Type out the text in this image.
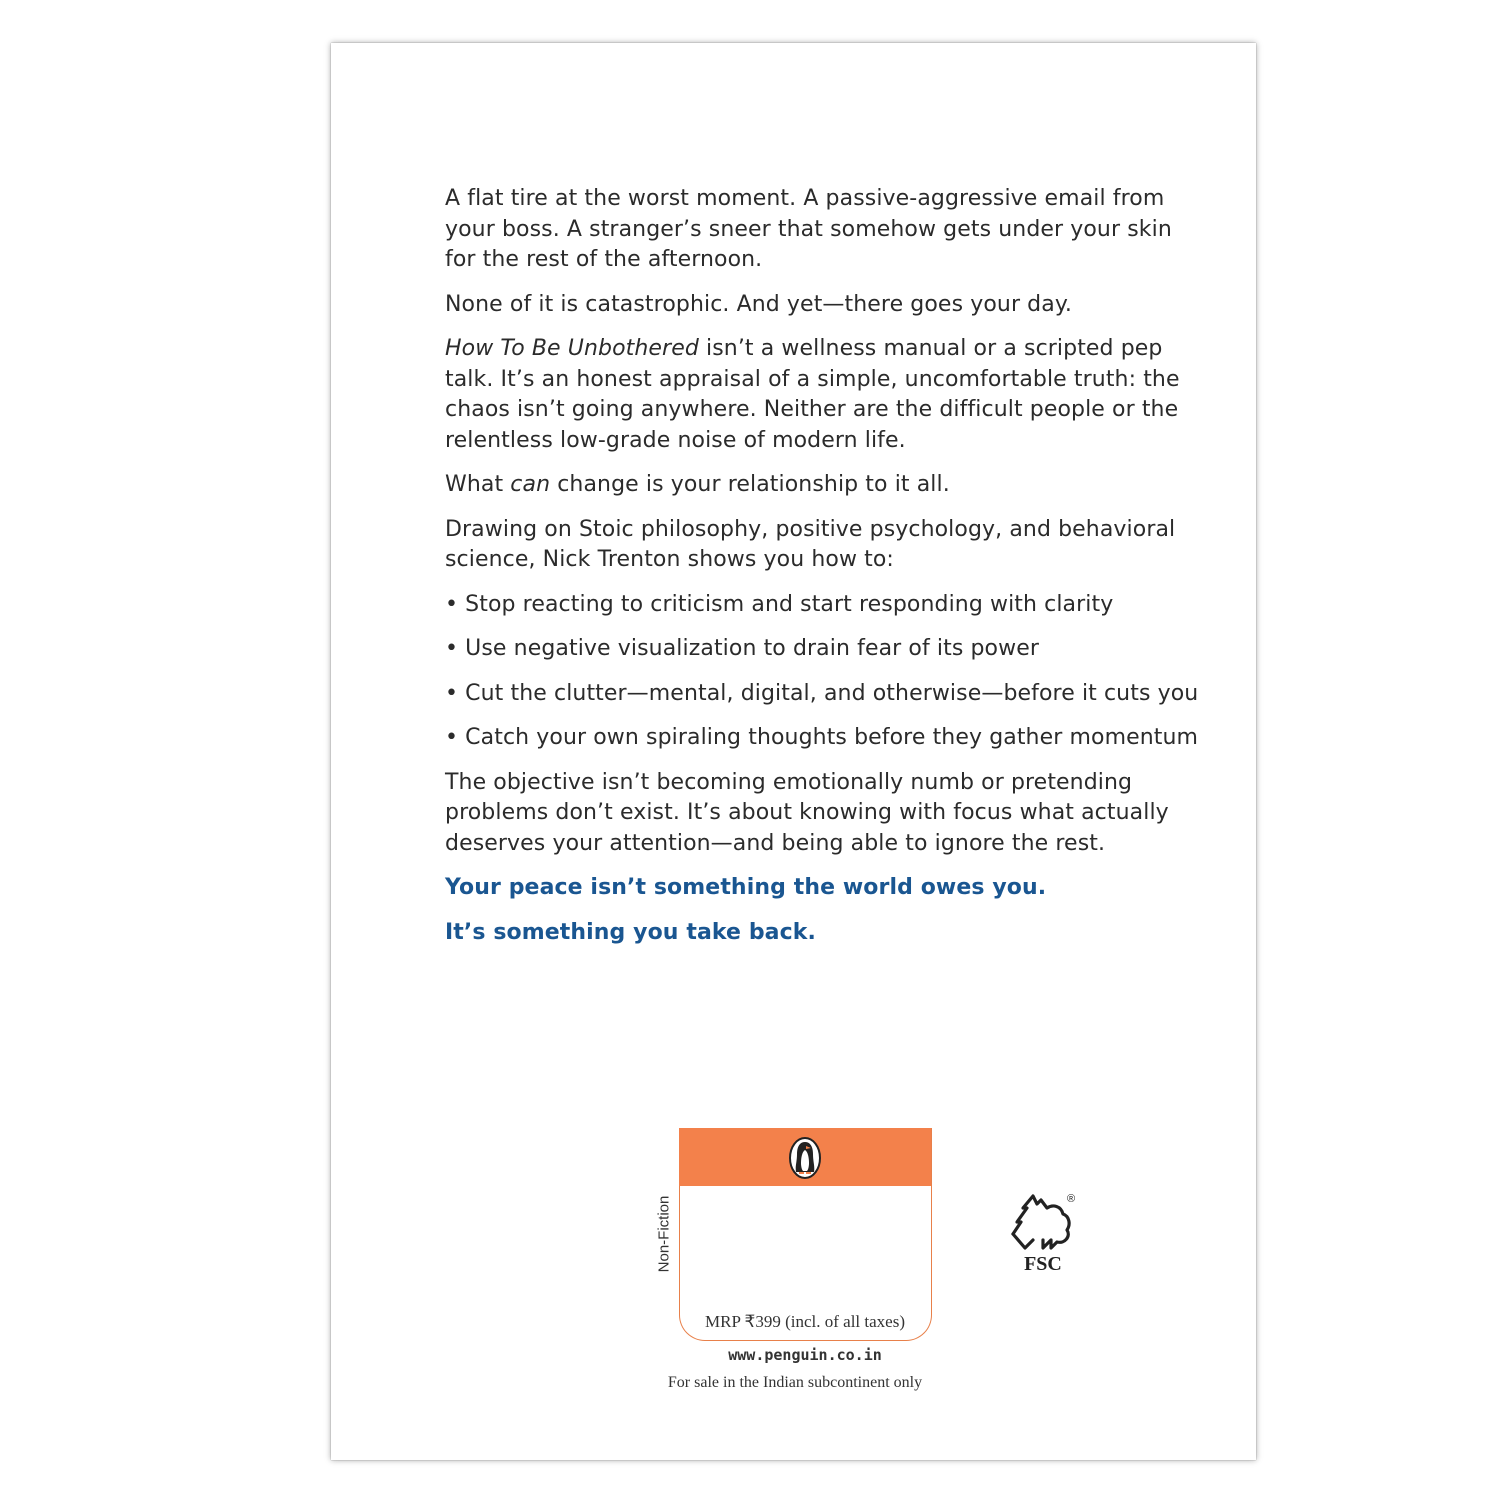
A flat tire at the worst moment. A passive-aggressive email from your boss. A stranger’s sneer that somehow gets under your skin for the rest of the afternoon.

None of it is catastrophic. And yet—there goes your day.

How To Be Unbothered isn’t a wellness manual or a scripted pep talk. It’s an honest appraisal of a simple, uncomfortable truth: the chaos isn’t going anywhere. Neither are the difficult people or the relentless low-grade noise of modern life.

What can change is your relationship to it all.

Drawing on Stoic philosophy, positive psychology, and behavioral science, Nick Trenton shows you how to:

• Stop reacting to criticism and start responding with clarity

• Use negative visualization to drain fear of its power

• Cut the clutter—mental, digital, and otherwise—before it cuts you

• Catch your own spiraling thoughts before they gather momentum

The objective isn’t becoming emotionally numb or pretending problems don’t exist. It’s about knowing with focus what actually deserves your attention—and being able to ignore the rest.

Your peace isn’t something the world owes you.

It’s something you take back.

Non-Fiction
MRP ₹399 (incl. of all taxes)
www.penguin.co.in
For sale in the Indian subcontinent only
FSC
®
